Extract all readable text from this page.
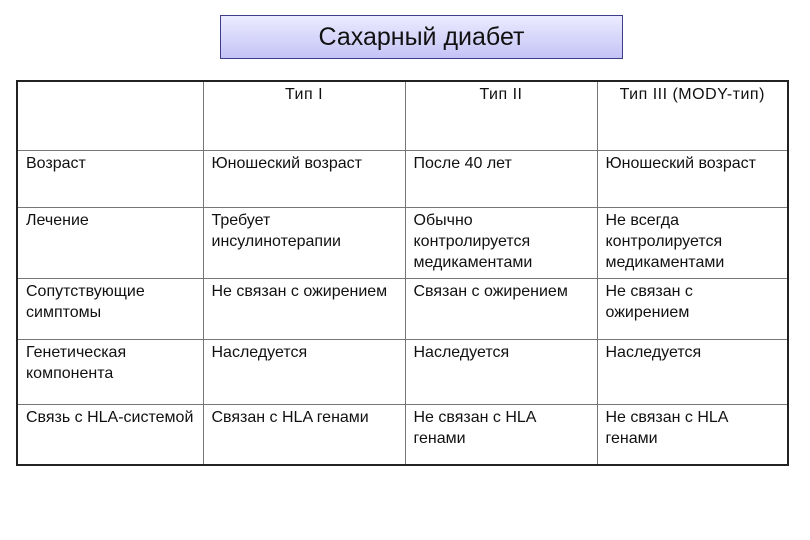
Сахарный диабет
	Тип I	Тип II	Тип III (MODY-тип)
Возраст	Юношеский возраст	После 40 лет	Юношеский возраст
Лечение	Требует инсулинотерапии	Обычно контролируется медикаментами	Не всегда контролируется медикаментами
Сопутствующие симптомы	Не связан с ожирением	Связан с ожирением	Не связан с ожирением
Генетическая компонента	Наследуется	Наследуется	Наследуется
Связь с HLA-системой	Связан с HLA генами	Не связан с HLA генами	Не связан с HLA генами
